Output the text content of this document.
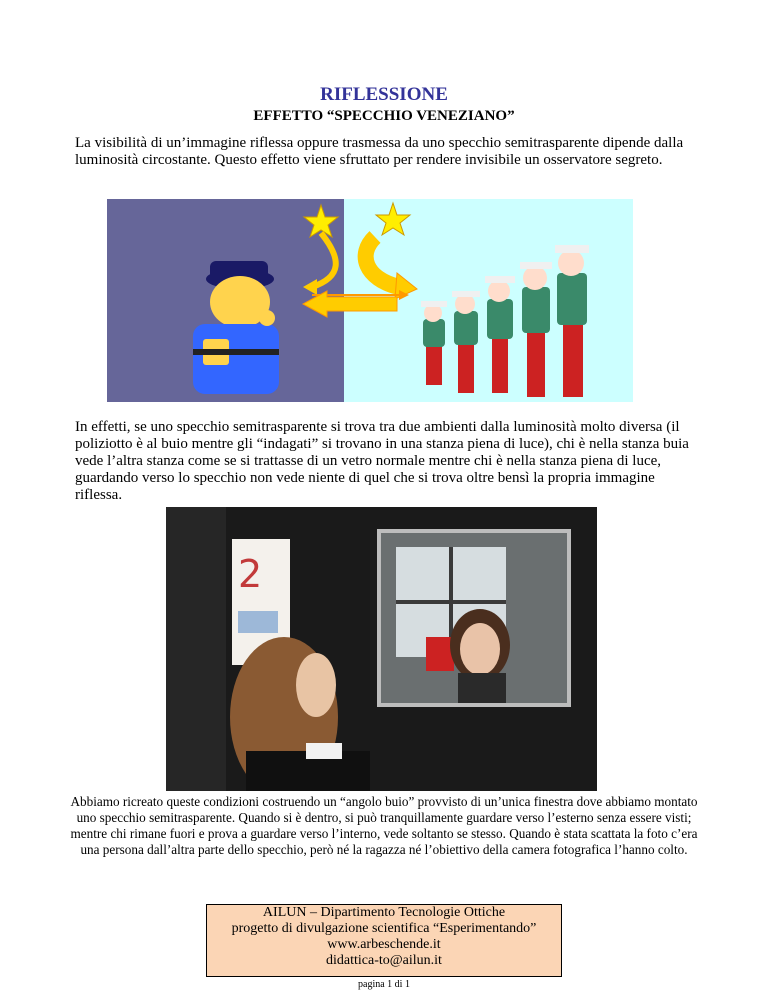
RIFLESSIONE
EFFETTO “SPECCHIO VENEZIANO”
La visibilità di un’immagine riflessa oppure trasmessa da uno specchio semitrasparente dipende dalla luminosità circostante. Questo effetto viene sfruttato per rendere invisibile un osservatore segreto.
In effetti, se uno specchio semitrasparente si trova tra due ambienti dalla luminosità molto diversa (il poliziotto è al buio mentre gli “indagati” si trovano in una stanza piena di luce), chi è nella stanza buia vede l’altra stanza come se si trattasse di un vetro normale mentre chi è nella stanza piena di luce, guardando verso lo specchio non vede niente di quel che si trova oltre bensì la propria immagine riflessa.
2
Abbiamo ricreato queste condizioni costruendo un “angolo buio” provvisto di un’unica finestra dove abbiamo montato uno specchio semitrasparente. Quando si è dentro, si può tranquillamente guardare verso l’esterno senza essere visti; mentre chi rimane fuori e prova a guardare verso l’interno, vede soltanto se stesso. Quando è stata scattata la foto c’era una persona dall’altra parte dello specchio, però né la ragazza né l’obiettivo della camera fotografica l’hanno colto.
AILUN – Dipartimento Tecnologie Ottiche
progetto di divulgazione scientifica “Esperimentando”
www.arbeschende.it
didattica-to@ailun.it
pagina 1 di 1
